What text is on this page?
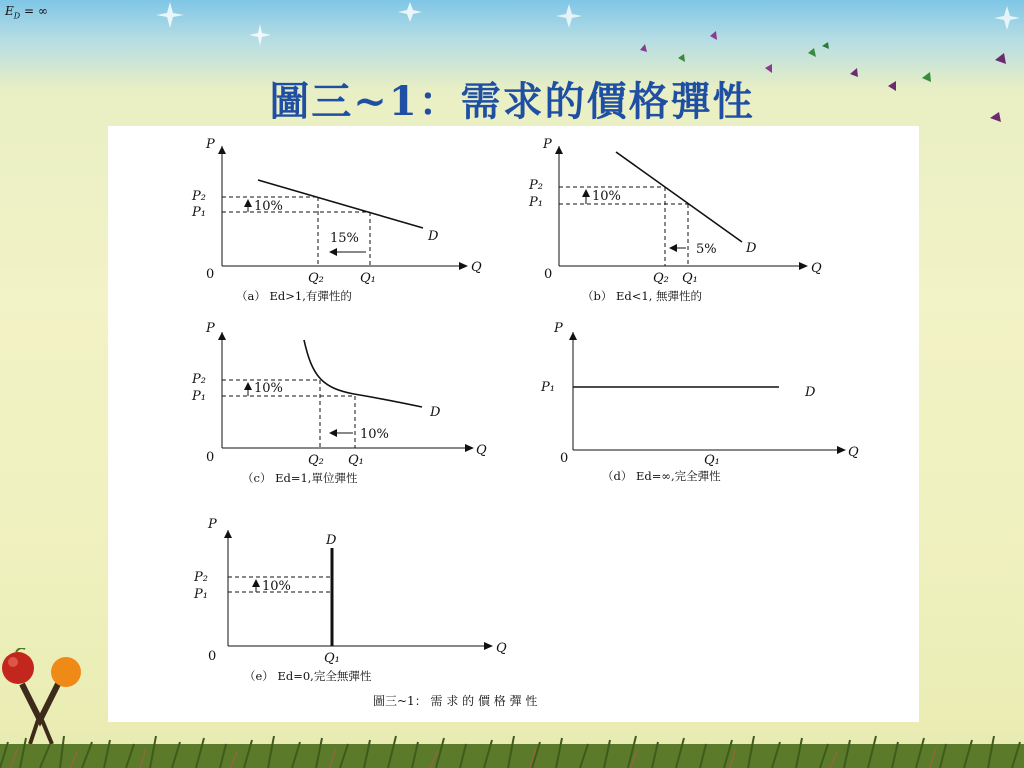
$E_D$ = ∞
圖三~1：需求的價格彈性
P
P₂
P₁
0	Q₂	Q₁
Q
D
10%
15%
（a） Ed>1,有彈性的
P
P₂
P₁
0	Q₂ Q₁
Q
D
10%
5%
（b） Ed<1, 無彈性的
P
P₂
P₁
0	Q₂ Q₁
Q
D
10%
10%
（c） Ed=1,單位彈性
P
P₁
0	Q₁
Q
D
（d） Ed=∞,完全彈性
P
P₂
P₁
0	Q₁
Q
D
10%
（e） Ed=0,完全無彈性
圖三~1： 需 求 的 價 格 彈 性
